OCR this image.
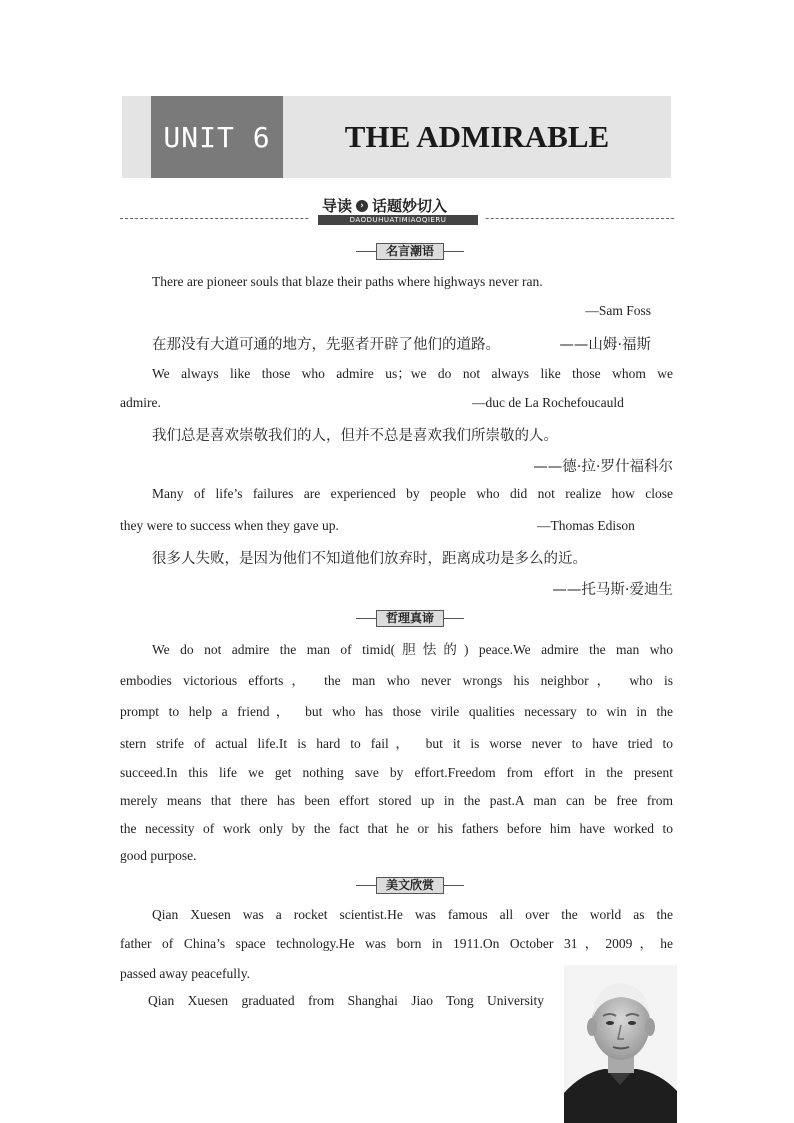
UNIT 6	THE ADMIRABLE
导读 › 话题妙切入
DAODUHUATIMIAOQIERU
名言潮语
There are pioneer souls that blaze their paths where highways never ran.
—Sam Foss
在那没有大道可通的地方，先驱者开辟了他们的道路。	——山姆·福斯
We always like those who admire us；we do not always like those whom we
admire.	—duc de La Rochefoucauld
我们总是喜欢崇敬我们的人，但并不总是喜欢我们所崇敬的人。
——德·拉·罗什福科尔
Many of life’s failures are experienced by people who did not realize how close
they were to success when they gave up.	—Thomas Edison
很多人失败，是因为他们不知道他们放弃时，距离成功是多么的近。
——托马斯·爱迪生
哲理真谛
We do not admire the man of timid(胆怯的) peace.We admire the man who
embodies victorious efforts， the man who never wrongs his neighbor， who is
prompt to help a friend， but who has those virile qualities necessary to win in the
stern strife of actual life.It is hard to fail， but it is worse never to have tried to
succeed.In this life we get nothing save by effort.Freedom from effort in the present
merely means that there has been effort stored up in the past.A man can be free from
the necessity of work only by the fact that he or his fathers before him have worked to
good purpose.
美文欣赏
Qian Xuesen was a rocket scientist.He was famous all over the world as the
father of China’s space technology.He was born in 1911.On October 31，2009，he
passed away peacefully.
Qian Xuesen graduated from Shanghai Jiao Tong University
